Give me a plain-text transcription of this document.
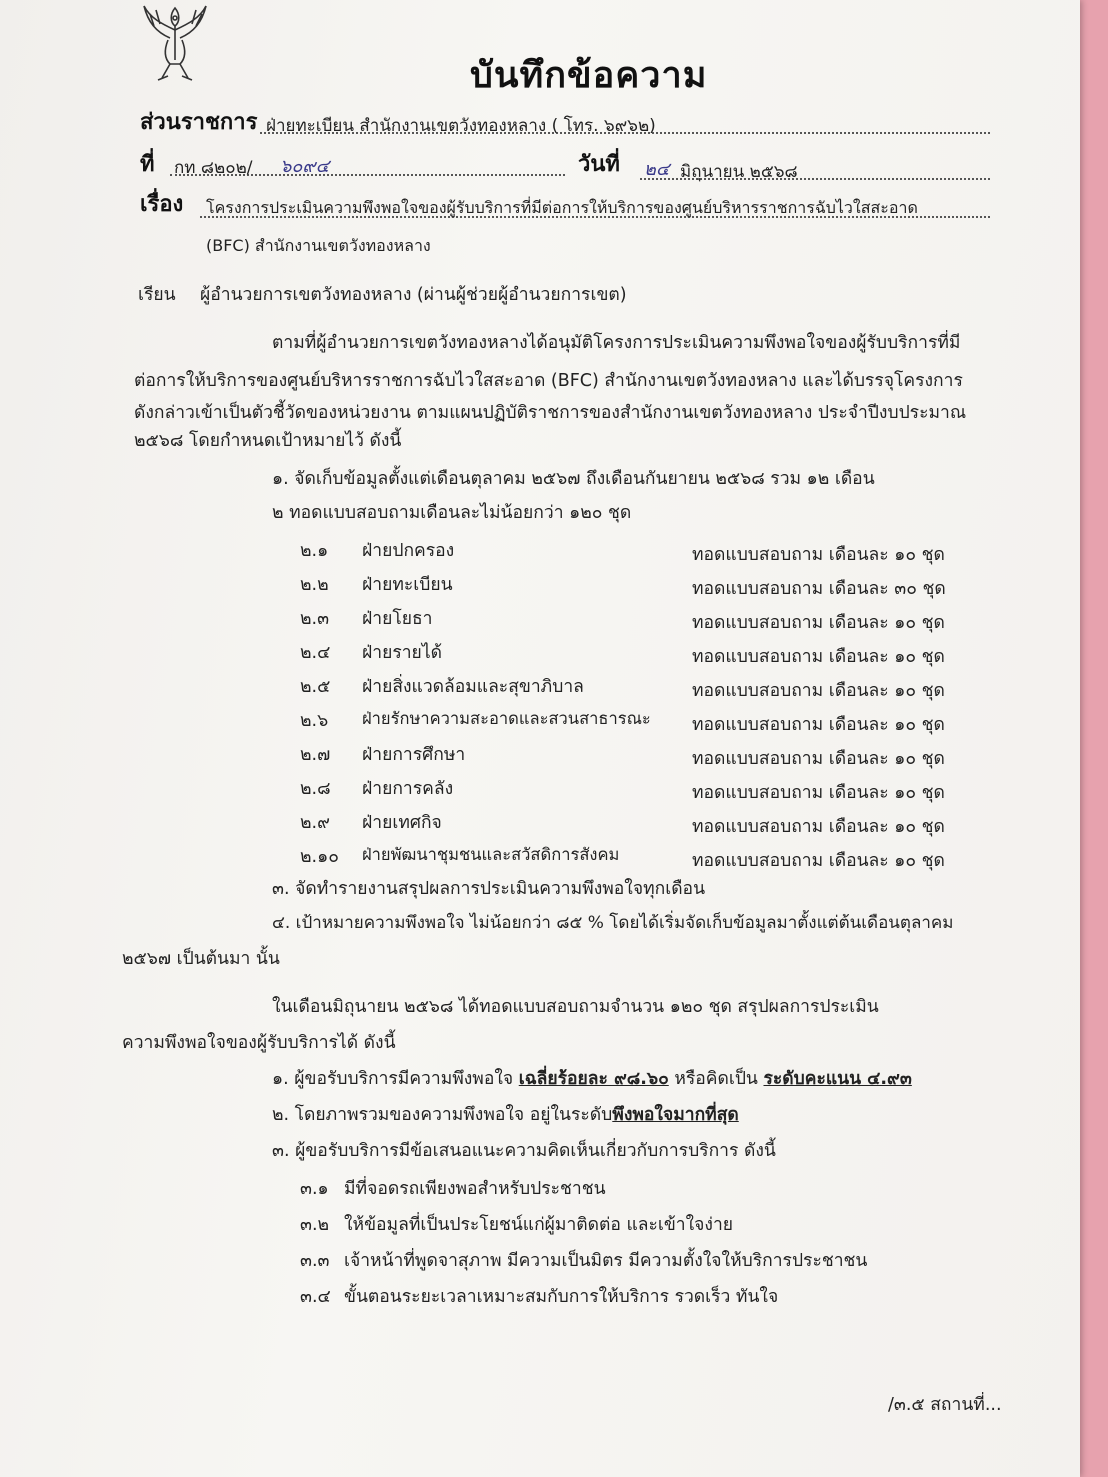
บันทึกข้อความ
ส่วนราชการ ฝ่ายทะเบียน สำนักงานเขตวังทองหลาง ( โทร. ๖๙๖๒)
ที่ กท ๘๒๐๒/ ๖๐๙๔	วันที่ ๒๔ มิถุนายน ๒๕๖๘
เรื่อง โครงการประเมินความพึงพอใจของผู้รับบริการที่มีต่อการให้บริการของศูนย์บริหารราชการฉับไวใสสะอาด
(BFC) สำนักงานเขตวังทองหลาง
เรียน ผู้อำนวยการเขตวังทองหลาง (ผ่านผู้ช่วยผู้อำนวยการเขต)
ตามที่ผู้อำนวยการเขตวังทองหลางได้อนุมัติโครงการประเมินความพึงพอใจของผู้รับบริการที่มี
ต่อการให้บริการของศูนย์บริหารราชการฉับไวใสสะอาด (BFC) สำนักงานเขตวังทองหลาง และได้บรรจุโครงการ
ดังกล่าวเข้าเป็นตัวชี้วัดของหน่วยงาน ตามแผนปฏิบัติราชการของสำนักงานเขตวังทองหลาง ประจำปีงบประมาณ
๒๕๖๘ โดยกำหนดเป้าหมายไว้ ดังนี้
๑. จัดเก็บข้อมูลตั้งแต่เดือนตุลาคม ๒๕๖๗ ถึงเดือนกันยายน ๒๕๖๘ รวม ๑๒ เดือน
๒ ทอดแบบสอบถามเดือนละไม่น้อยกว่า ๑๒๐ ชุด
๒.๑ ฝ่ายปกครอง	ทอดแบบสอบถาม เดือนละ ๑๐ ชุด
๒.๒ ฝ่ายทะเบียน	ทอดแบบสอบถาม เดือนละ ๓๐ ชุด
๒.๓ ฝ่ายโยธา	ทอดแบบสอบถาม เดือนละ ๑๐ ชุด
๒.๔ ฝ่ายรายได้	ทอดแบบสอบถาม เดือนละ ๑๐ ชุด
๒.๕ ฝ่ายสิ่งแวดล้อมและสุขาภิบาล	ทอดแบบสอบถาม เดือนละ ๑๐ ชุด
๒.๖ ฝ่ายรักษาความสะอาดและสวนสาธารณะ ทอดแบบสอบถาม เดือนละ ๑๐ ชุด
๒.๗ ฝ่ายการศึกษา	ทอดแบบสอบถาม เดือนละ ๑๐ ชุด
๒.๘ ฝ่ายการคลัง	ทอดแบบสอบถาม เดือนละ ๑๐ ชุด
๒.๙ ฝ่ายเทศกิจ	ทอดแบบสอบถาม เดือนละ ๑๐ ชุด
๒.๑๐ ฝ่ายพัฒนาชุมชนและสวัสดิการสังคม	ทอดแบบสอบถาม เดือนละ ๑๐ ชุด
๓. จัดทำรายงานสรุปผลการประเมินความพึงพอใจทุกเดือน
๔. เป้าหมายความพึงพอใจ ไม่น้อยกว่า ๘๕ % โดยได้เริ่มจัดเก็บข้อมูลมาตั้งแต่ต้นเดือนตุลาคม
๒๕๖๗ เป็นต้นมา นั้น
ในเดือนมิถุนายน ๒๕๖๘ ได้ทอดแบบสอบถามจำนวน ๑๒๐ ชุด สรุปผลการประเมิน
ความพึงพอใจของผู้รับบริการได้ ดังนี้
๑. ผู้ขอรับบริการมีความพึงพอใจ เฉลี่ยร้อยละ ๙๘.๖๐ หรือคิดเป็น ระดับคะแนน ๔.๙๓
๒. โดยภาพรวมของความพึงพอใจ อยู่ในระดับพึงพอใจมากที่สุด
๓. ผู้ขอรับบริการมีข้อเสนอแนะความคิดเห็นเกี่ยวกับการบริการ ดังนี้
๓.๑ มีที่จอดรถเพียงพอสำหรับประชาชน
๓.๒ ให้ข้อมูลที่เป็นประโยชน์แก่ผู้มาติดต่อ และเข้าใจง่าย
๓.๓ เจ้าหน้าที่พูดจาสุภาพ มีความเป็นมิตร มีความตั้งใจให้บริการประชาชน
๓.๔ ขั้นตอนระยะเวลาเหมาะสมกับการให้บริการ รวดเร็ว ทันใจ
/๓.๕ สถานที่...
